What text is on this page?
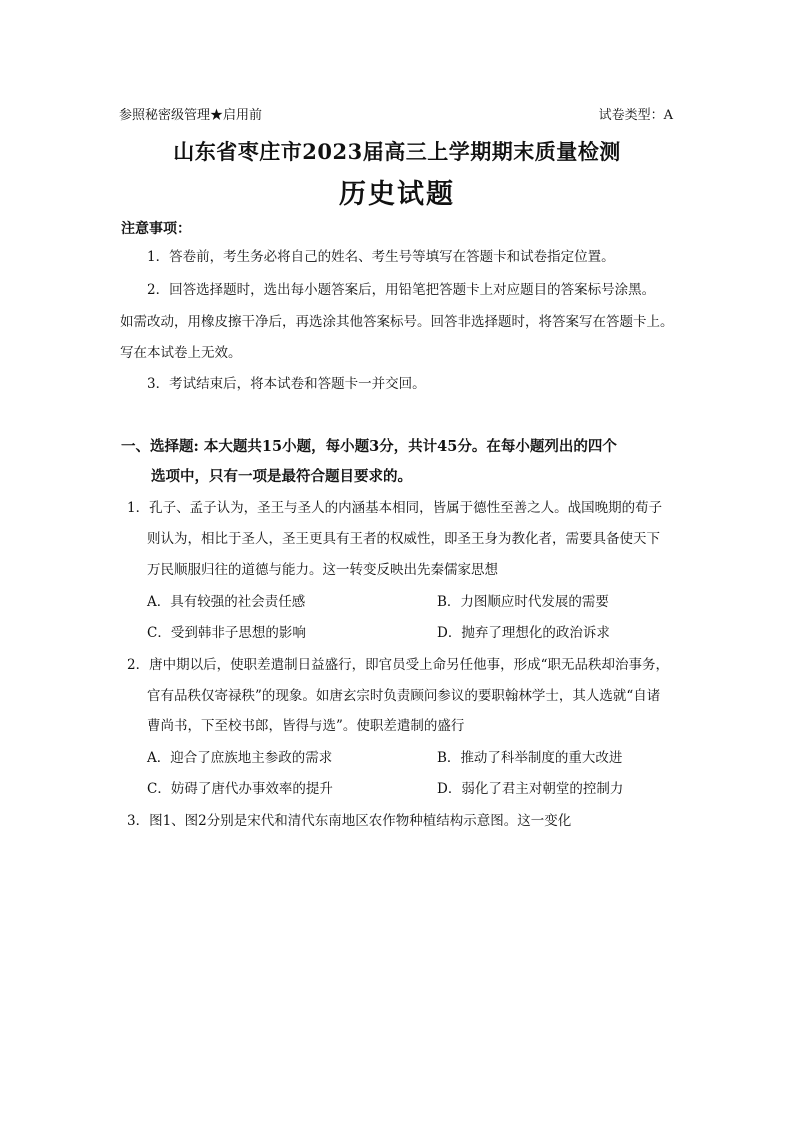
参照秘密级管理★启用前	试卷类型：A
山东省枣庄市2023届高三上学期期末质量检测
历史试题
注意事项：
1．答卷前，考生务必将自己的姓名、考生号等填写在答题卡和试卷指定位置。
2．回答选择题时，选出每小题答案后，用铅笔把答题卡上对应题目的答案标号涂黑。
如需改动，用橡皮擦干净后，再选涂其他答案标号。回答非选择题时，将答案写在答题卡上。
写在本试卷上无效。
3．考试结束后，将本试卷和答题卡一并交回。
一、选择题: 本大题共15小题，每小题3分，共计45分。在每小题列出的四个
选项中，只有一项是最符合题目要求的。
1．孔子、孟子认为，圣王与圣人的内涵基本相同，皆属于德性至善之人。战国晚期的荀子
则认为，相比于圣人，圣王更具有王者的权威性，即圣王身为教化者，需要具备使天下
万民顺服归往的道德与能力。这一转变反映出先秦儒家思想
A．具有较强的社会责任感	B．力图顺应时代发展的需要
C．受到韩非子思想的影响	D．抛弃了理想化的政治诉求
2．唐中期以后，使职差遣制日益盛行，即官员受上命另任他事，形成“职无品秩却治事务，
官有品秩仅寄禄秩”的现象。如唐玄宗时负责顾问参议的要职翰林学士，其人选就“自诸
曹尚书，下至校书郎，皆得与选”。使职差遣制的盛行
A．迎合了庶族地主参政的需求	B．推动了科举制度的重大改进
C．妨碍了唐代办事效率的提升	D．弱化了君主对朝堂的控制力
3．图1、图2分别是宋代和清代东南地区农作物种植结构示意图。这一变化
